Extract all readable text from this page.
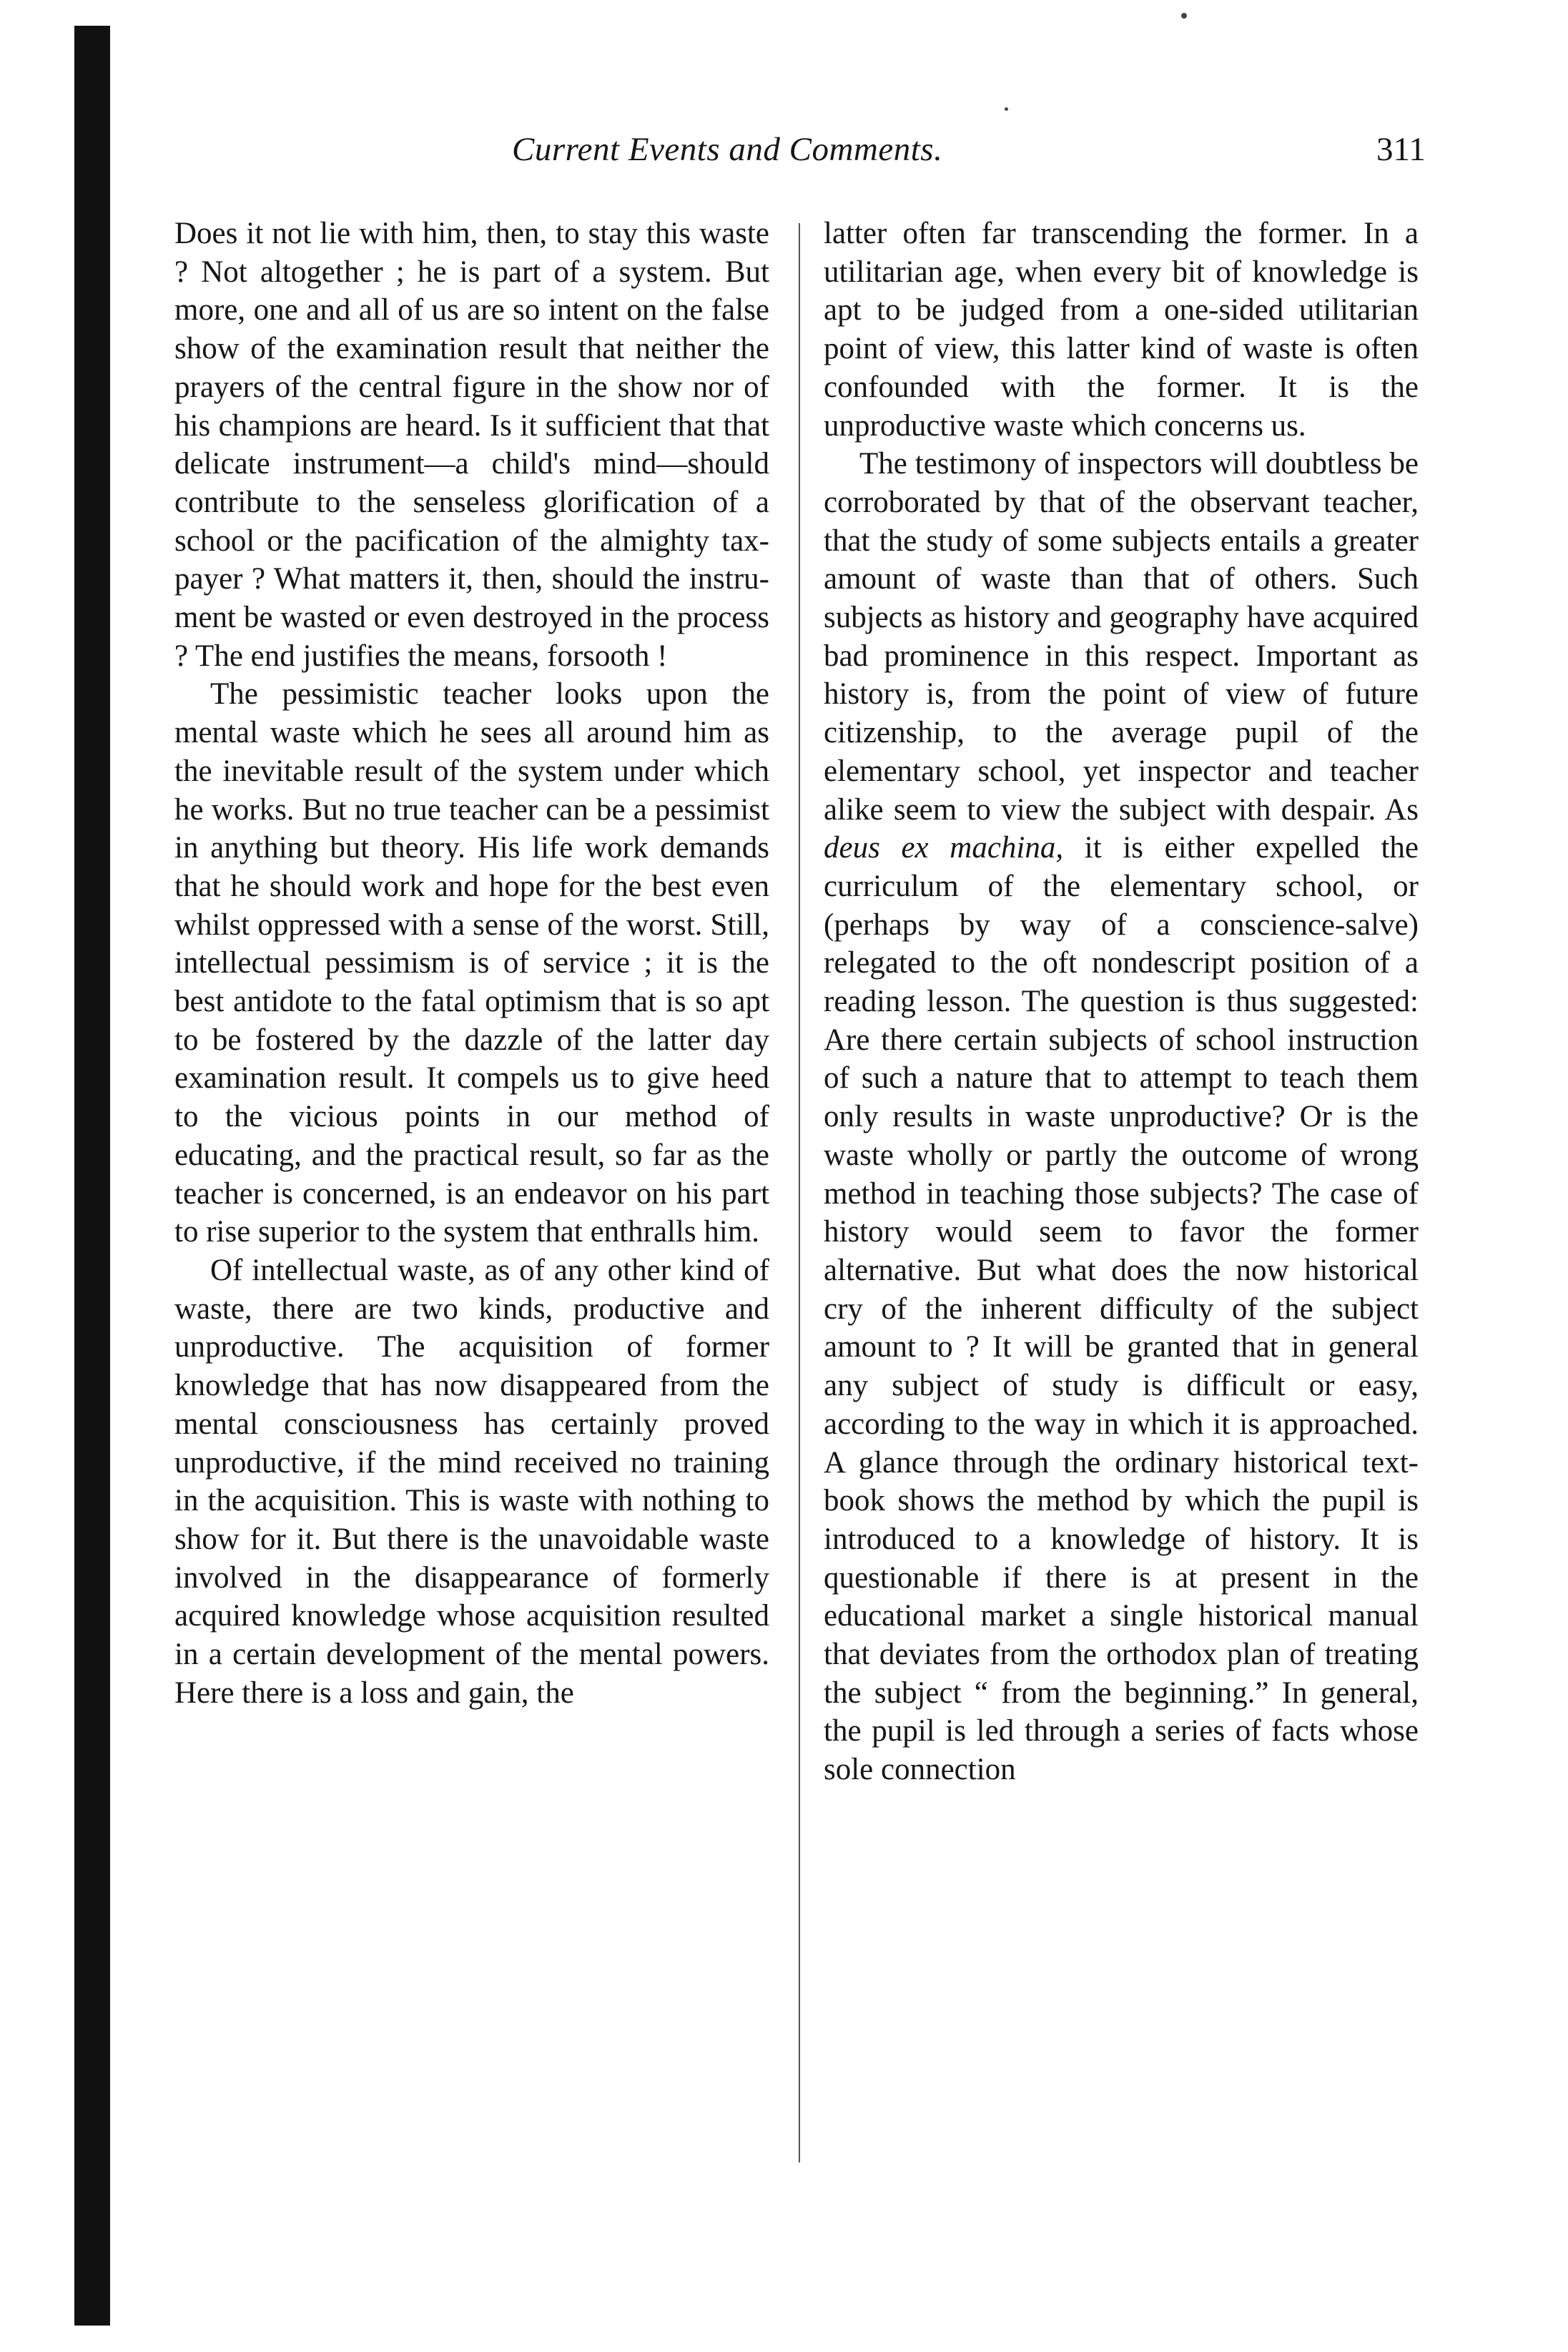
Current Events and Comments.	311

Does it not lie with him, then, to stay this waste ? Not altogether ; he is part of a system. But more, one and all of us are so intent on the false show of the examination result that neither the prayers of the central figure in the show nor of his champions are heard. Is it sufficient that that delicate instrument—a child's mind—should contribute to the senseless glorification of a school or the pacification of the almighty tax-payer ? What matters it, then, should the instrument be wasted or even destroyed in the process ? The end justifies the means, forsooth !

The pessimistic teacher looks upon the mental waste which he sees all around him as the inevitable result of the system under which he works. But no true teacher can be a pessimist in anything but theory. His life work demands that he should work and hope for the best even whilst oppressed with a sense of the worst. Still, intellectual pessimism is of service ; it is the best antidote to the fatal optimism that is so apt to be fostered by the dazzle of the latter day examination result. It compels us to give heed to the vicious points in our method of educating, and the practical result, so far as the teacher is concerned, is an endeavor on his part to rise superior to the system that enthralls him.

Of intellectual waste, as of any other kind of waste, there are two kinds, productive and unproductive. The acquisition of former knowledge that has now disappeared from the mental consciousness has certainly proved unproductive, if the mind received no training in the acquisition. This is waste with nothing to show for it. But there is the unavoidable waste involved in the disappearance of formerly acquired knowledge whose acquisition resulted in a certain development of the mental powers. Here there is a loss and gain, the

latter often far transcending the former. In a utilitarian age, when every bit of knowledge is apt to be judged from a one-sided utilitarian point of view, this latter kind of waste is often confounded with the former. It is the unproductive waste which concerns us.

The testimony of inspectors will doubtless be corroborated by that of the observant teacher, that the study of some subjects entails a greater amount of waste than that of others. Such subjects as history and geography have acquired bad prominence in this respect. Important as history is, from the point of view of future citizenship, to the average pupil of the elementary school, yet inspector and teacher alike seem to view the subject with despair. As deus ex machina, it is either expelled the curriculum of the elementary school, or (perhaps by way of a conscience-salve) relegated to the oft nondescript position of a reading lesson. The question is thus suggested: Are there certain subjects of school instruction of such a nature that to attempt to teach them only results in waste unproductive? Or is the waste wholly or partly the outcome of wrong method in teaching those subjects? The case of history would seem to favor the former alternative. But what does the now historical cry of the inherent difficulty of the subject amount to ? It will be granted that in general any subject of study is difficult or easy, according to the way in which it is approached. A glance through the ordinary historical text-book shows the method by which the pupil is introduced to a knowledge of history. It is questionable if there is at present in the educational market a single historical manual that deviates from the orthodox plan of treating the subject “ from the beginning.” In general, the pupil is led through a series of facts whose sole connection
